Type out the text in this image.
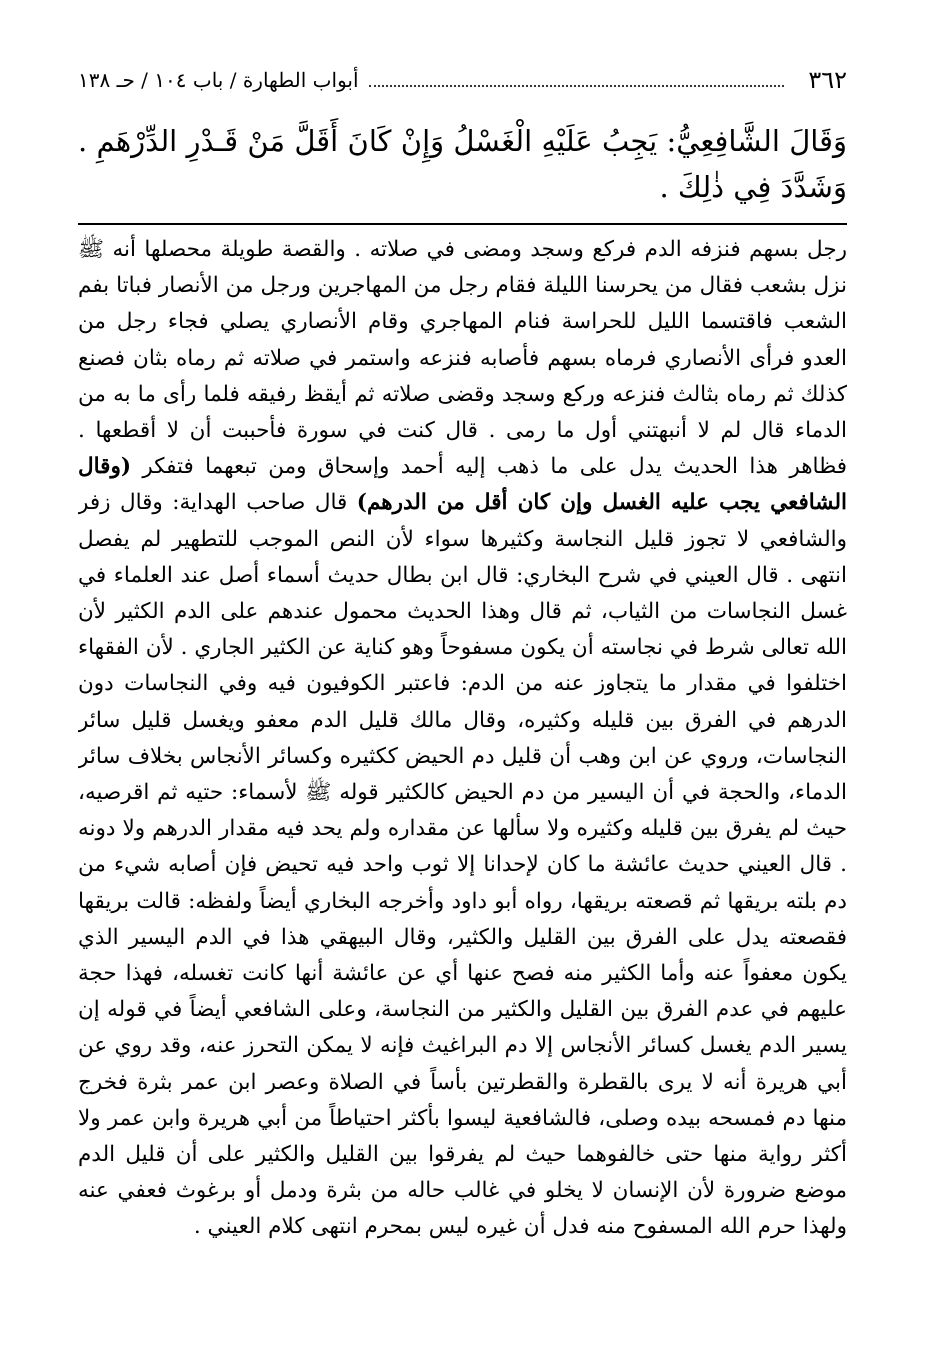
٣٦٢
أبواب الطهارة / باب ١٠٤ / حـ ١٣٨
وَقَالَ الشَّافِعِيُّ: يَجِبُ عَلَيْهِ الْغَسْلُ وَإِنْ كَانَ أَقَلَّ مَنْ قَـدْرِ الدِّرْهَمِ . وَشَدَّدَ فِي ذٰلِكَ .

رجل بسهم فنزفه الدم فركع وسجد ومضى في صلاته . والقصة طويلة محصلها أنه ﷺ نزل بشعب فقال من يحرسنا الليلة فقام رجل من المهاجرين ورجل من الأنصار فباتا بفم الشعب فاقتسما الليل للحراسة فنام المهاجري وقام الأنصاري يصلي فجاء رجل من العدو فرأى الأنصاري فرماه بسهم فأصابه فنزعه واستمر في صلاته ثم رماه بثان فصنع كذلك ثم رماه بثالث فنزعه وركع وسجد وقضى صلاته ثم أيقظ رفيقه فلما رأى ما به من الدماء قال لم لا أنبهتني أول ما رمى . قال كنت في سورة فأحببت أن لا أقطعها . فظاهر هذا الحديث يدل على ما ذهب إليه أحمد وإسحاق ومن تبعهما فتفكر (وقال الشافعي يجب عليه الغسل وإن كان أقل من الدرهم) قال صاحب الهداية: وقال زفر والشافعي لا تجوز قليل النجاسة وكثيرها سواء لأن النص الموجب للتطهير لم يفصل انتهى . قال العيني في شرح البخاري: قال ابن بطال حديث أسماء أصل عند العلماء في غسل النجاسات من الثياب، ثم قال وهذا الحديث محمول عندهم على الدم الكثير لأن الله تعالى شرط في نجاسته أن يكون مسفوحاً وهو كناية عن الكثير الجاري . لأن الفقهاء اختلفوا في مقدار ما يتجاوز عنه من الدم: فاعتبر الكوفيون فيه وفي النجاسات دون الدرهم في الفرق بين قليله وكثيره، وقال مالك قليل الدم معفو ويغسل قليل سائر النجاسات، وروي عن ابن وهب أن قليل دم الحيض ككثيره وكسائر الأنجاس بخلاف سائر الدماء، والحجة في أن اليسير من دم الحيض كالكثير قوله ﷺ لأسماء: حتيه ثم اقرصيه، حيث لم يفرق بين قليله وكثيره ولا سألها عن مقداره ولم يحد فيه مقدار الدرهم ولا دونه . قال العيني حديث عائشة ما كان لإحدانا إلا ثوب واحد فيه تحيض فإن أصابه شيء من دم بلته بريقها ثم قصعته بريقها، رواه أبو داود وأخرجه البخاري أيضاً ولفظه: قالت بريقها فقصعته يدل على الفرق بين القليل والكثير، وقال البيهقي هذا في الدم اليسير الذي يكون معفواً عنه وأما الكثير منه فصح عنها أي عن عائشة أنها كانت تغسله، فهذا حجة عليهم في عدم الفرق بين القليل والكثير من النجاسة، وعلى الشافعي أيضاً في قوله إن يسير الدم يغسل كسائر الأنجاس إلا دم البراغيث فإنه لا يمكن التحرز عنه، وقد روي عن أبي هريرة أنه لا يرى بالقطرة والقطرتين بأساً في الصلاة وعصر ابن عمر بثرة فخرج منها دم فمسحه بيده وصلى، فالشافعية ليسوا بأكثر احتياطاً من أبي هريرة وابن عمر ولا أكثر رواية منها حتى خالفوهما حيث لم يفرقوا بين القليل والكثير على أن قليل الدم موضع ضرورة لأن الإنسان لا يخلو في غالب حاله من بثرة ودمل أو برغوث فعفي عنه ولهذا حرم الله المسفوح منه فدل أن غيره ليس بمحرم انتهى كلام العيني .
